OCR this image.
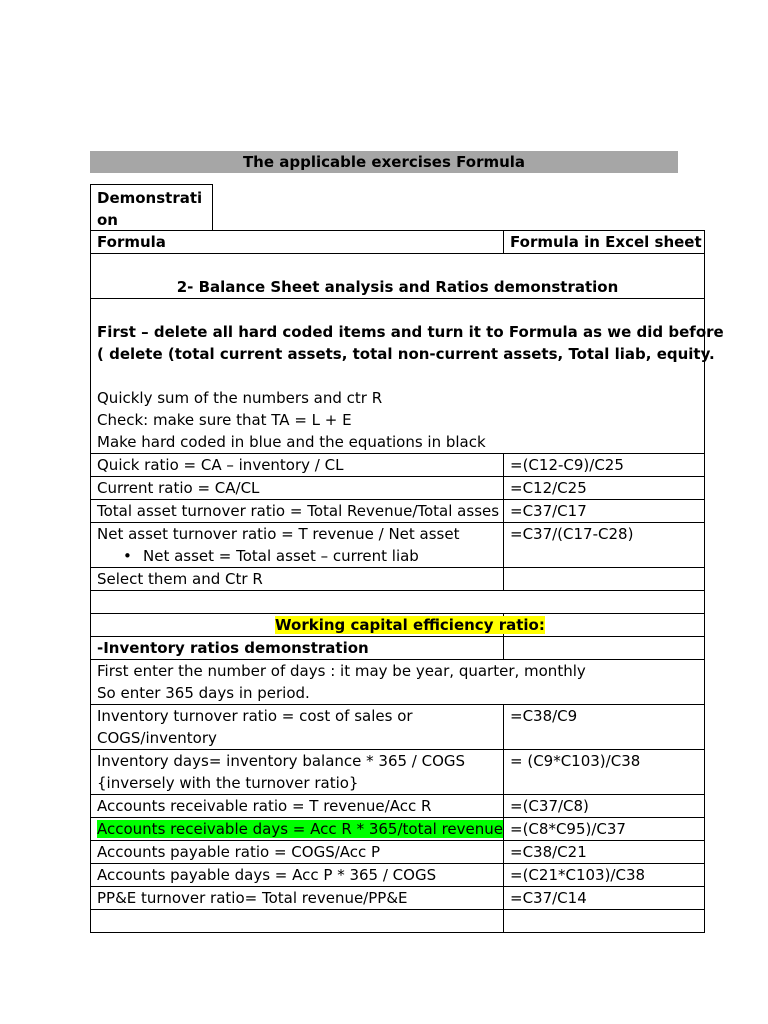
The applicable exercises Formula
Demonstration
Formula	Formula in Excel sheet

2- Balance Sheet analysis and Ratios demonstration	

First – delete all hard coded items and turn it to Formula as we did before
( delete (total current assets, total non-current assets, Total liab, equity.
Quickly sum of the numbers and ctr R
Check: make sure that TA = L + E
Make hard coded in blue and the equations in black	

Quick ratio = CA – inventory / CL	=(C12-C9)/C25
Current ratio = CA/CL	=C12/C25
Total asset turnover ratio = Total Revenue/Total asses	=C37/C17

Net asset turnover ratio = T revenue / Net asset
• Net asset = Total asset – current liab	=C37/(C17-C28)
Select them and Ctr R	

Working capital efficiency ratio:	
-Inventory ratios demonstration	

First enter the number of days : it may be year, quarter, monthly
So enter 365 days in period.	

Inventory turnover ratio = cost of sales or
COGS/inventory	=C38/C9

Inventory days= inventory balance * 365 / COGS
{inversely with the turnover ratio}	= (C9*C103)/C38
Accounts receivable ratio = T revenue/Acc R	=(C37/C8)
Accounts receivable days = Acc R * 365/total revenue	=(C8*C95)/C37
Accounts payable ratio = COGS/Acc P	=C38/C21
Accounts payable days = Acc P * 365 / COGS	=(C21*C103)/C38
PP&E turnover ratio= Total revenue/PP&E	=C37/C14
